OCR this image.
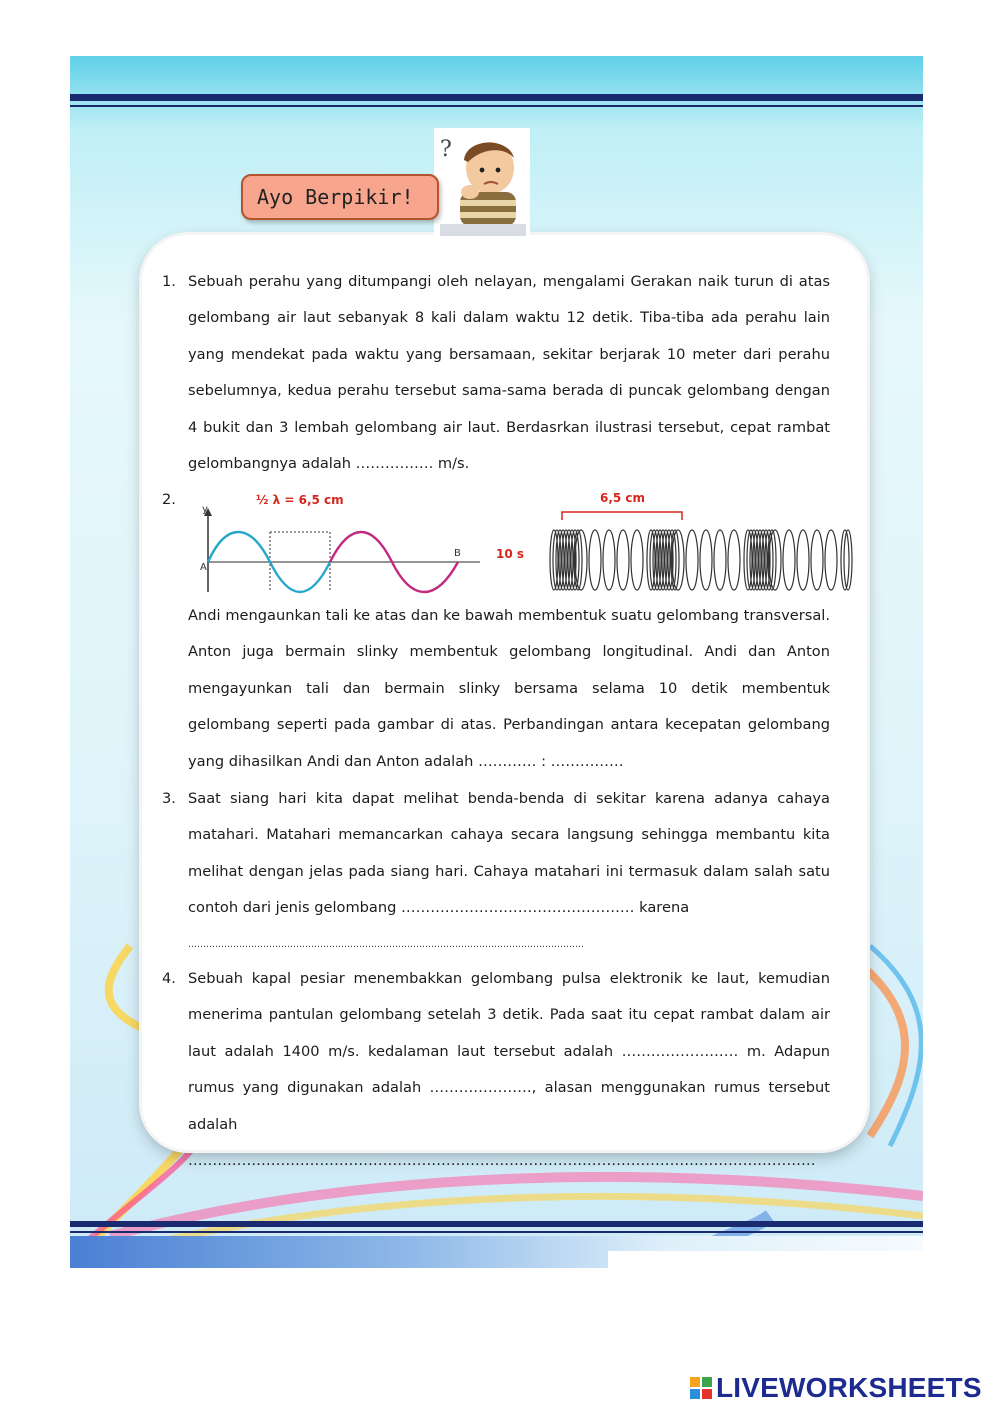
?
Ayo Berpikir!
1. Sebuah perahu yang ditumpangi oleh nelayan, mengalami Gerakan naik turun di atas gelombang air laut sebanyak 8 kali dalam waktu 12 detik. Tiba-tiba ada perahu lain yang mendekat pada waktu yang bersamaan, sekitar berjarak 10 meter dari perahu sebelumnya, kedua perahu tersebut sama-sama berada di puncak gelombang dengan 4 bukit dan 3 lembah gelombang air laut. Berdasrkan ilustrasi tersebut, cepat rambat gelombangnya adalah ……………. m/s.
y
A
B
½ λ = 6,5 cm
10 s
6,5 cm
2.
Andi mengaunkan tali ke atas dan ke bawah membentuk suatu gelombang transversal. Anton juga bermain slinky membentuk gelombang longitudinal. Andi dan Anton mengayunkan tali dan bermain slinky bersama selama 10 detik membentuk gelombang seperti pada gambar di atas. Perbandingan antara kecepatan gelombang yang dihasilkan Andi dan Anton adalah ………… : ……………
3. Saat siang hari kita dapat melihat benda-benda di sekitar karena adanya cahaya matahari. Matahari memancarkan cahaya secara langsung sehingga membantu kita melihat dengan jelas pada siang hari. Cahaya matahari ini termasuk dalam salah satu contoh dari jenis gelombang ………………………………………… karena
……………………………………………………………………………………………………………………
4. Sebuah kapal pesiar menembakkan gelombang pulsa elektronik ke laut, kemudian menerima pantulan gelombang setelah 3 detik. Pada saat itu cepat rambat dalam air laut adalah 1400 m/s. kedalaman laut tersebut adalah …………………… m. Adapun rumus yang digunakan adalah …………………, alasan menggunakan rumus tersebut adalah …………………………………………………………………………………………………………………
LIVEWORKSHEETS
